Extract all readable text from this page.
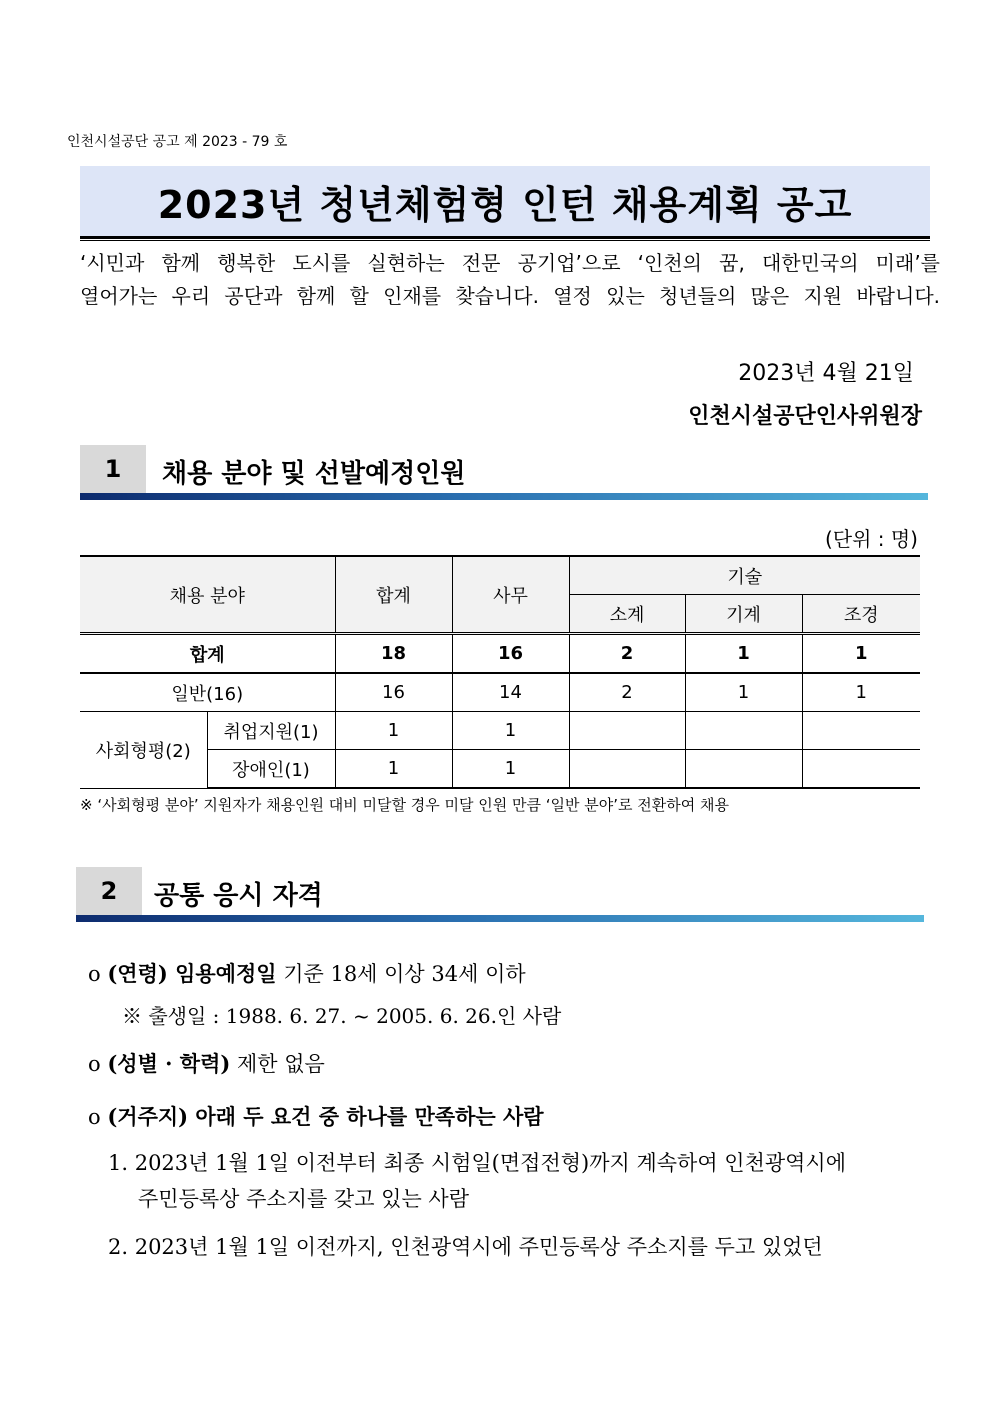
인천시설공단 공고 제 2023 - 79 호
2023년 청년체험형 인턴 채용계획 공고
‘시민과 함께 행복한 도시를 실현하는 전문 공기업’으로 ‘인천의 꿈, 대한민국의 미래’를
열어가는 우리 공단과 함께 할 인재를 찾습니다. 열정 있는 청년들의 많은 지원 바랍니다.
2023년 4월 21일
인천시설공단인사위원장
1	채용 분야 및 선발예정인원
(단위 : 명)
채용 분야		합계	사무	기술		
				소계	기계	조경
합계		18	16	2	1	1
일반(16)		16	14	2	1	1
사회형평(2)	취업지원(1)	1	1			
	장애인(1)	1	1			
※ ‘사회형평 분야’ 지원자가 채용인원 대비 미달할 경우 미달 인원 만큼 ‘일반 분야’로 전환하여 채용
2	공통 응시 자격
o (연령) 임용예정일 기준 18세 이상 34세 이하
※ 출생일 : 1988. 6. 27. ~ 2005. 6. 26.인 사람
o (성별 · 학력) 제한 없음
o (거주지) 아래 두 요건 중 하나를 만족하는 사람
1. 2023년 1월 1일 이전부터 최종 시험일(면접전형)까지 계속하여 인천광역시에
주민등록상 주소지를 갖고 있는 사람
2. 2023년 1월 1일 이전까지, 인천광역시에 주민등록상 주소지를 두고 있었던
